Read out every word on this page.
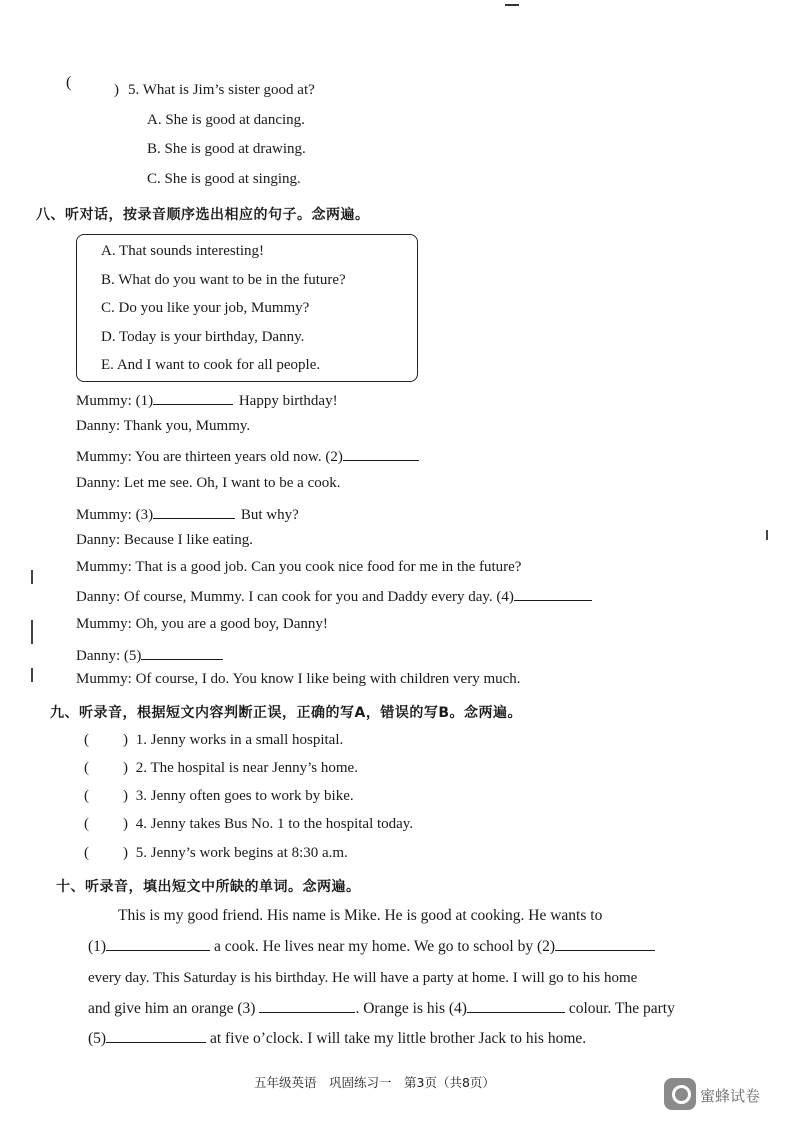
(	) 5. What is Jim’s sister good at?
A. She is good at dancing.
B. She is good at drawing.
C. She is good at singing.
八、听对话，按录音顺序选出相应的句子。念两遍。
A. That sounds interesting!
B. What do you want to be in the future?
C. Do you like your job, Mummy?
D. Today is your birthday, Danny.
E. And I want to cook for all people.
Mummy: (1)	Happy birthday!
Danny: Thank you, Mummy.
Mummy: You are thirteen years old now. (2)
Danny: Let me see. Oh, I want to be a cook.
Mummy: (3)	But why?
Danny: Because I like eating.
Mummy: That is a good job. Can you cook nice food for me in the future?
Danny: Of course, Mummy. I can cook for you and Daddy every day. (4)
Mummy: Oh, you are a good boy, Danny!
Danny: (5)
Mummy: Of course, I do. You know I like being with children very much.
九、听录音，根据短文内容判断正误，正确的写A，错误的写B。念两遍。
( ) 1. Jenny works in a small hospital.
( ) 2. The hospital is near Jenny’s home.
( ) 3. Jenny often goes to work by bike.
( ) 4. Jenny takes Bus No. 1 to the hospital today.
( ) 5. Jenny’s work begins at 8:30 a.m.
十、听录音，填出短文中所缺的单词。念两遍。
This is my good friend. His name is Mike. He is good at cooking. He wants to
(1)	a cook. He lives near my home. We go to school by (2)
every day. This Saturday is his birthday. He will have a party at home. I will go to his home
and give him an orange (3)	. Orange is his (4)	colour. The party
(5)	at five o’clock. I will take my little brother Jack to his home.
五年级英语　巩固练习一　第3页（共8页）
蜜蜂试卷
